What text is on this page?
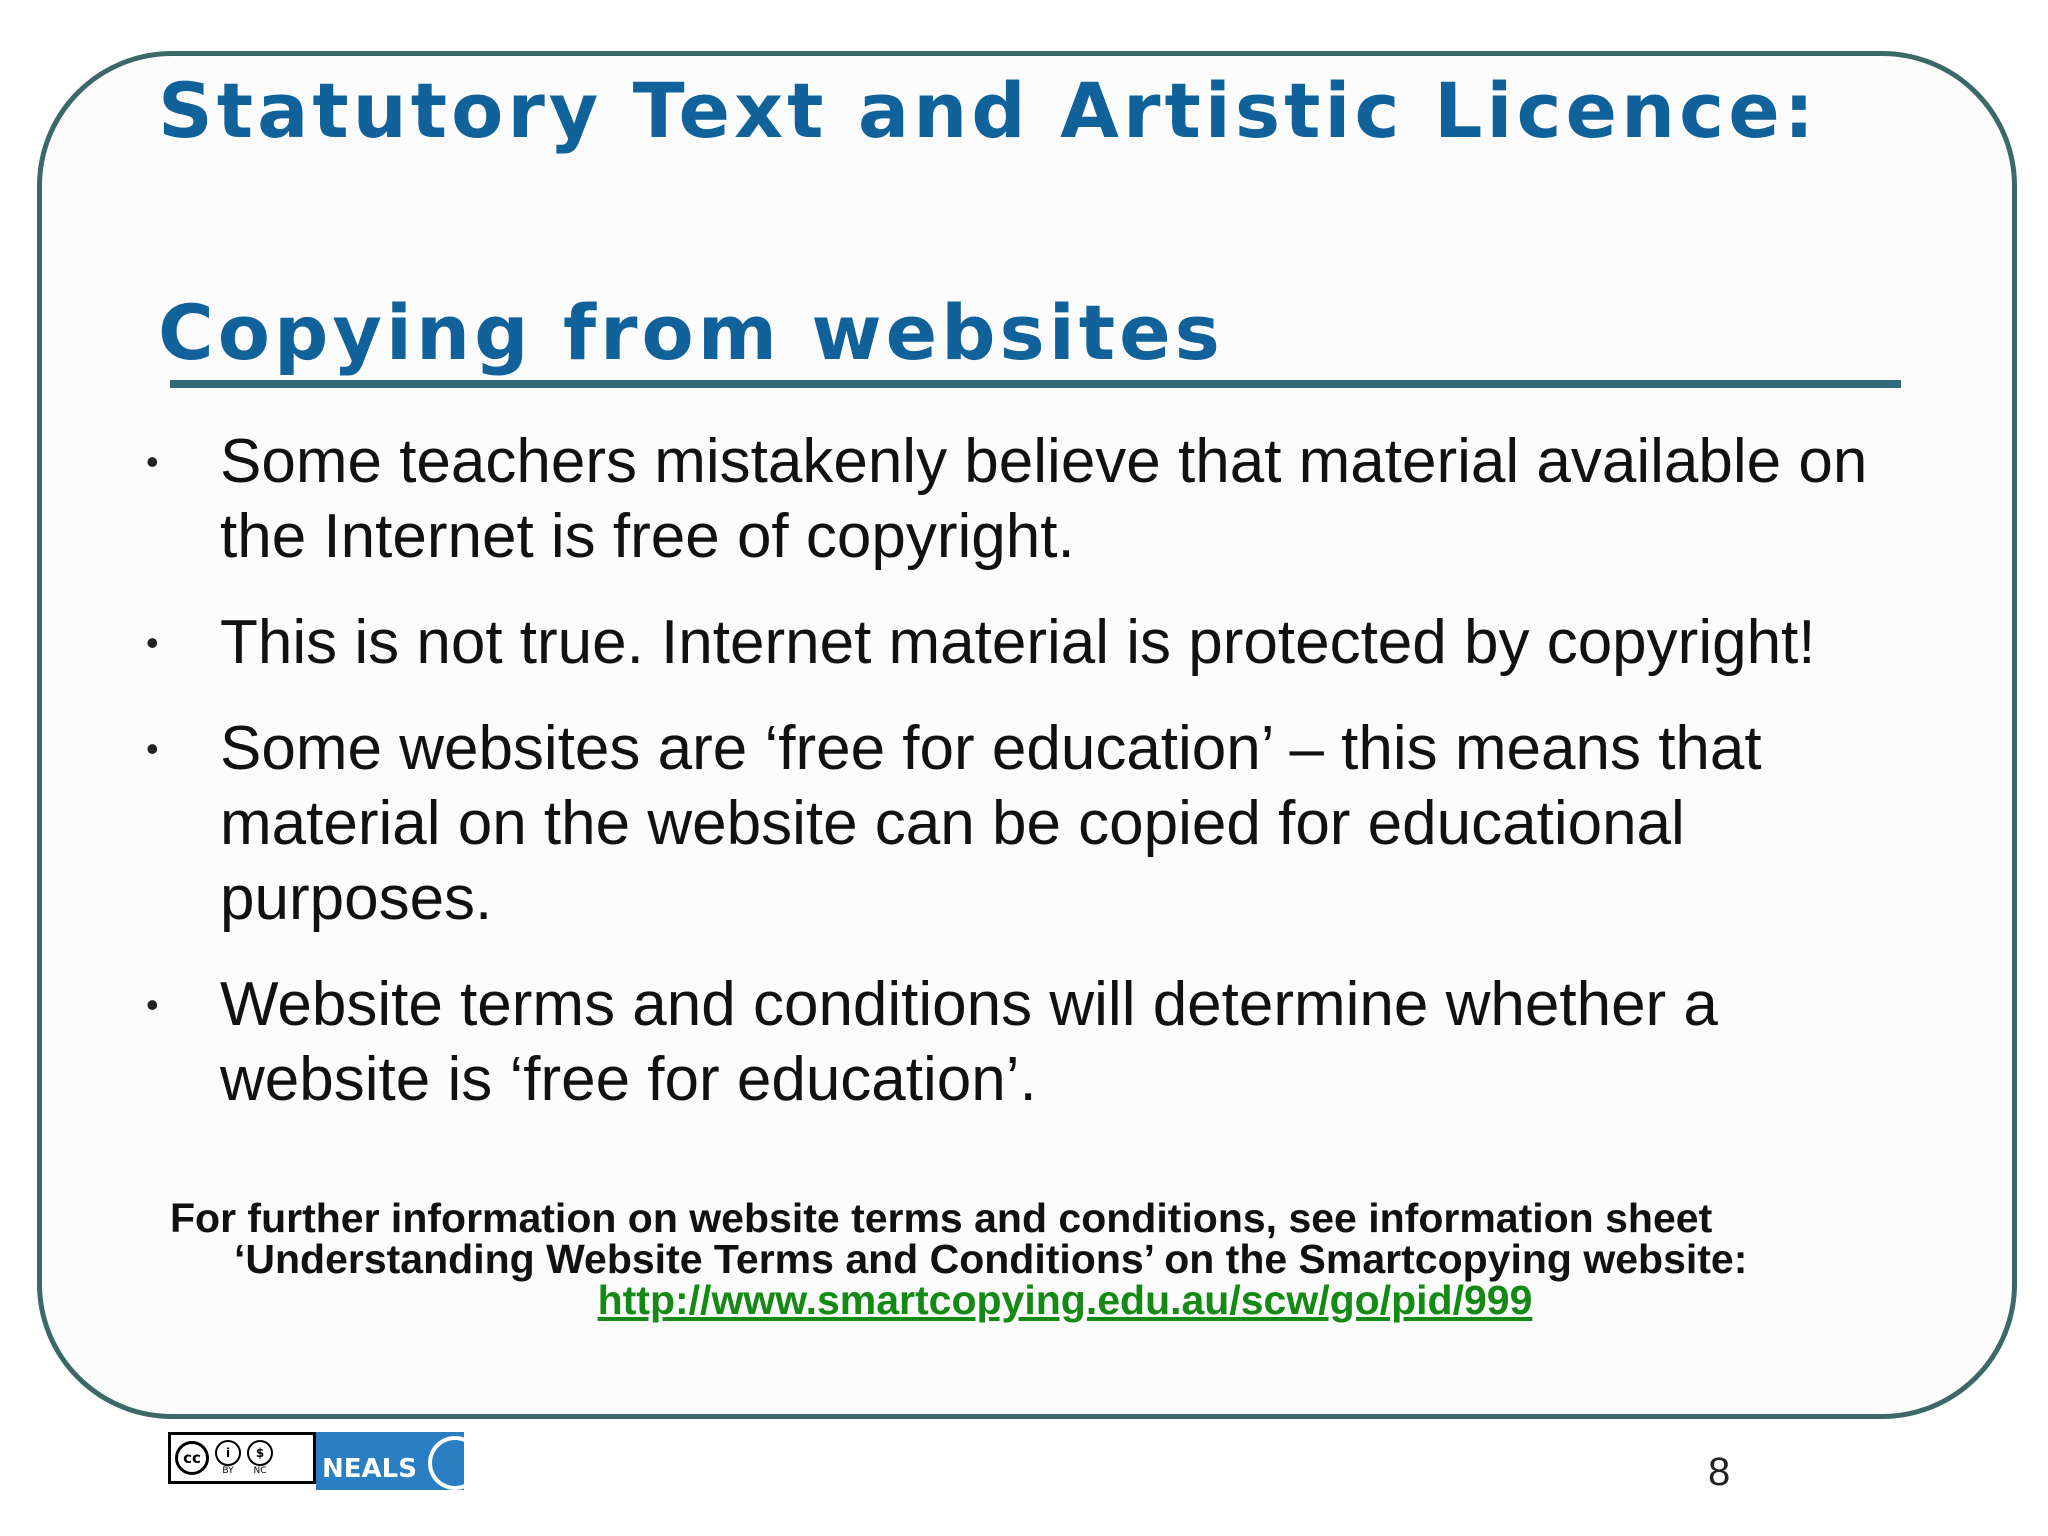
Statutory Text and Artistic Licence:
Copying from websites
• Some teachers mistakenly believe that material available on the Internet is free of copyright.
• This is not true. Internet material is protected by copyright!
• Some websites are ‘free for education’ – this means that material on the website can be copied for educational purposes.
• Website terms and conditions will determine whether a website is ‘free for education’.
For further information on website terms and conditions, see information sheet
‘Understanding Website Terms and Conditions’ on the Smartcopying website:
http://www.smartcopying.edu.au/scw/go/pid/999
cc	i
BY
$
NC NEALS	8
